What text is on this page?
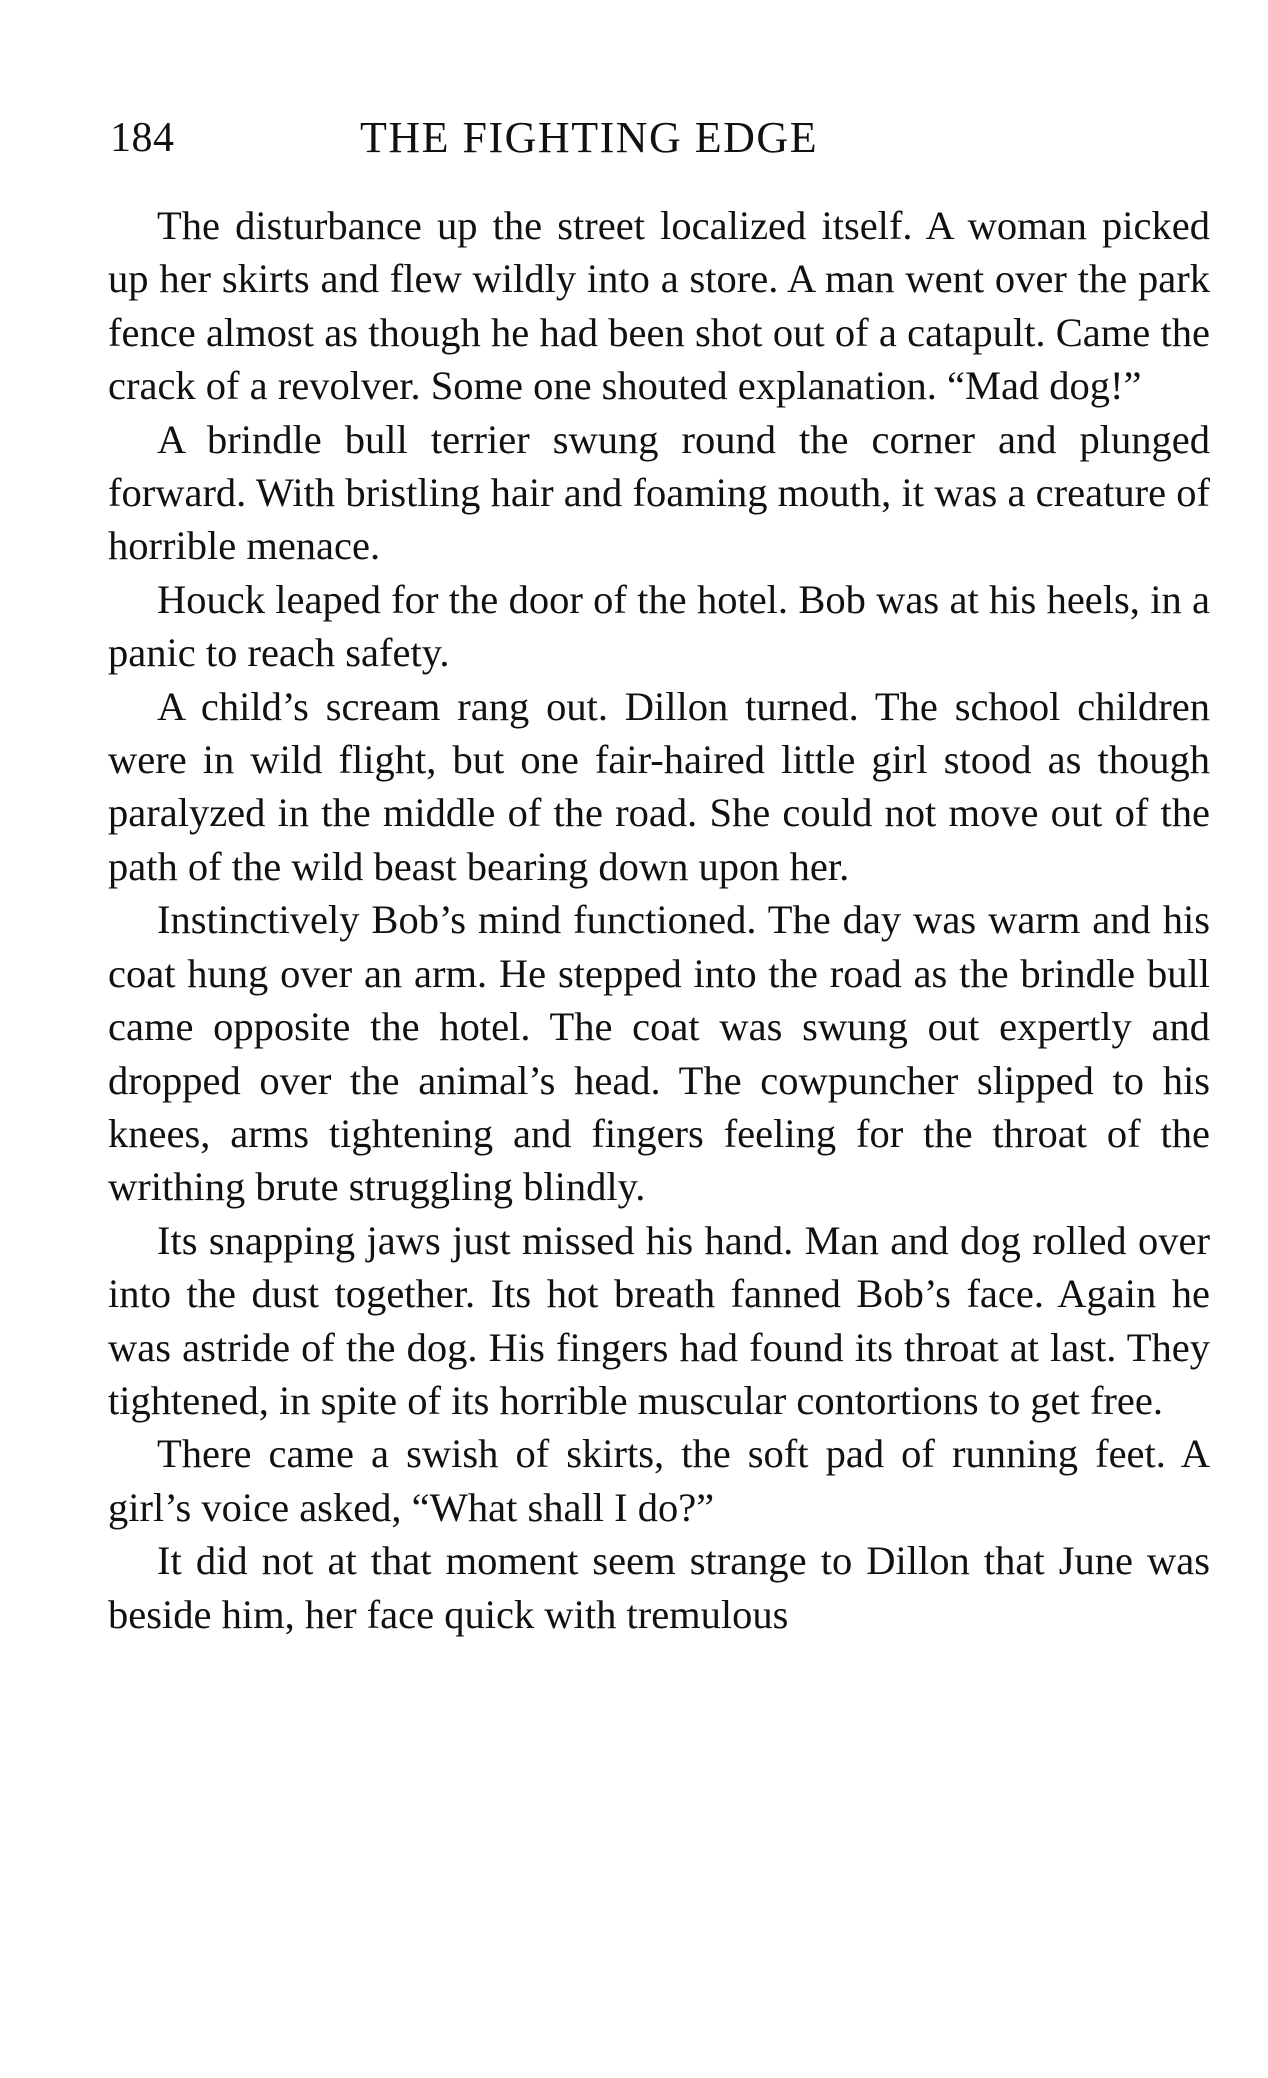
184	THE FIGHTING EDGE

The disturbance up the street localized itself. A woman picked up her skirts and flew wildly into a store. A man went over the park fence almost as though he had been shot out of a catapult. Came the crack of a revolver. Some one shouted explanation. “Mad dog!”

A brindle bull terrier swung round the corner and plunged forward. With bristling hair and foaming mouth, it was a creature of horrible menace.

Houck leaped for the door of the hotel. Bob was at his heels, in a panic to reach safety.

A child’s scream rang out. Dillon turned. The school children were in wild flight, but one fair-haired little girl stood as though paralyzed in the middle of the road. She could not move out of the path of the wild beast bearing down upon her.

Instinctively Bob’s mind functioned. The day was warm and his coat hung over an arm. He stepped into the road as the brindle bull came opposite the hotel. The coat was swung out expertly and dropped over the animal’s head. The cowpuncher slipped to his knees, arms tightening and fingers feeling for the throat of the writhing brute struggling blindly.

Its snapping jaws just missed his hand. Man and dog rolled over into the dust together. Its hot breath fanned Bob’s face. Again he was astride of the dog. His fingers had found its throat at last. They tightened, in spite of its horrible muscular contortions to get free.

There came a swish of skirts, the soft pad of running feet. A girl’s voice asked, “What shall I do?”

It did not at that moment seem strange to Dillon that June was beside him, her face quick with tremulous
